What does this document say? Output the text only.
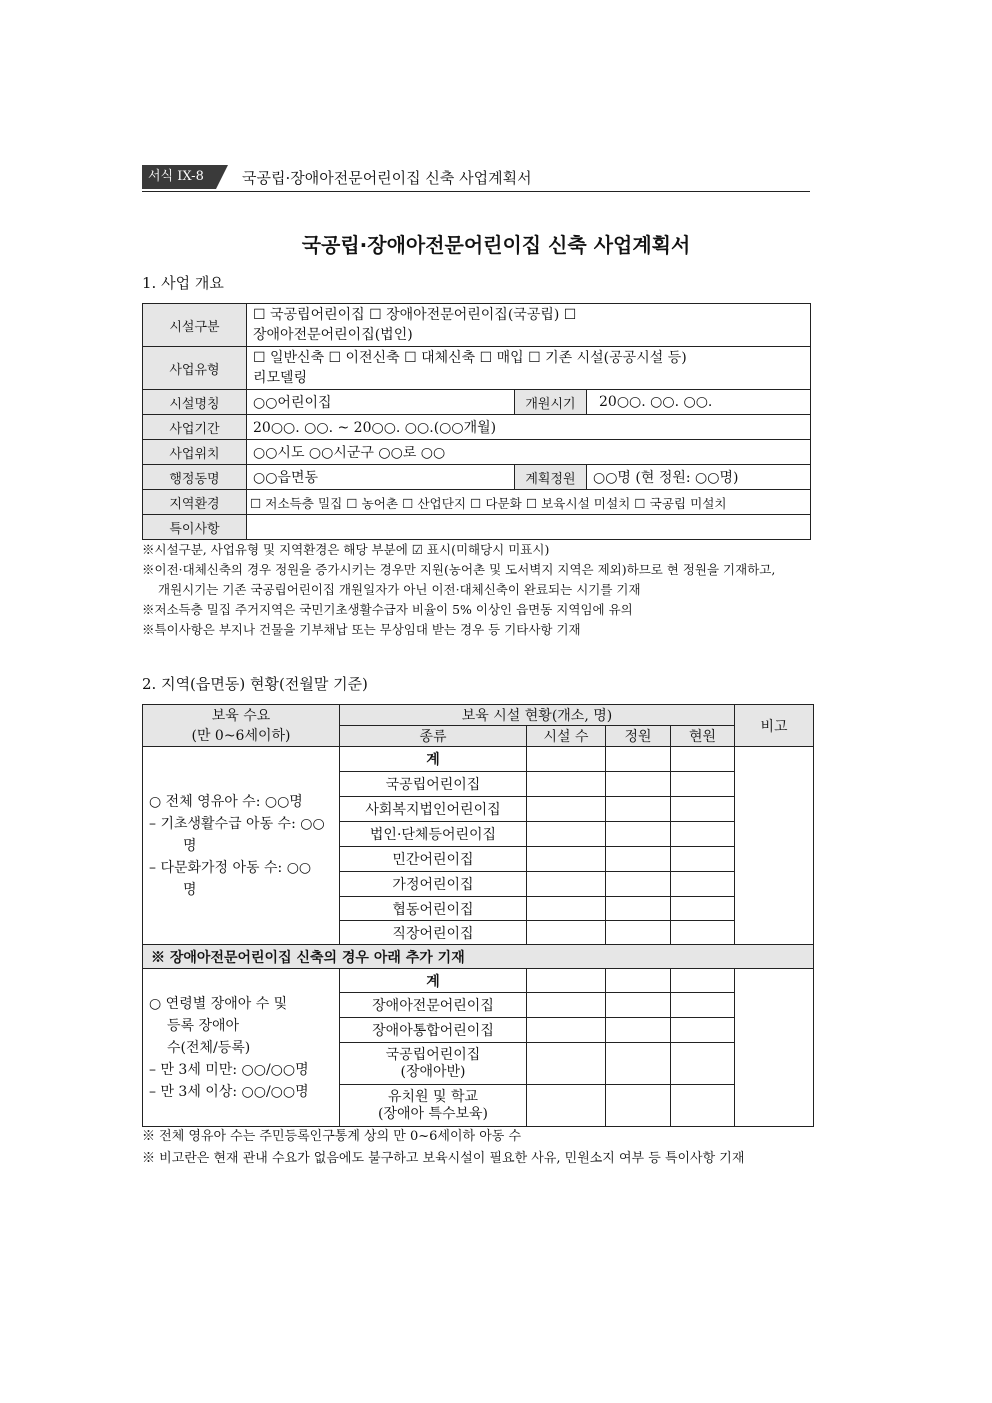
서식 IX-8	국공립·장애아전문어린이집 신축 사업계획서
국공립·장애아전문어린이집 신축 사업계획서
1. 사업 개요
시설구분	☐ 국공립어린이집 ☐ 장애아전문어린이집(국공립) ☐
장애아전문어린이집(법인)		

사업유형	☐ 일반신축 ☐ 이전신축 ☐ 대체신축 ☐ 매입 ☐ 기존 시설(공공시설 등)
리모델링		

시설명칭	○○어린이집	개원시기	20○○. ○○. ○○.
사업기간	20○○. ○○. ~ 20○○. ○○.(○○개월)		
사업위치	○○시도 ○○시군구 ○○로 ○○		
행정동명	○○읍면동	계획정원	○○명 (현 정원: ○○명)
지역환경	☐ 저소득층 밀집 ☐ 농어촌 ☐ 산업단지 ☐ 다문화 ☐ 보육시설 미설치 ☐ 국공립 미설치		
특이사항			
※시설구분, 사업유형 및 지역환경은 해당 부분에 ☑ 표시(미해당시 미표시)
※이전·대체신축의 경우 정원을 증가시키는 경우만 지원(농어촌 및 도서벽지 지역은 제외)하므로 현 정원을 기재하고,
개원시기는 기존 국공립어린이집 개원일자가 아닌 이전·대체신축이 완료되는 시기를 기재
※저소득층 밀집 주거지역은 국민기초생활수급자 비율이 5% 이상인 읍면동 지역임에 유의
※특이사항은 부지나 건물을 기부채납 또는 무상임대 받는 경우 등 기타사항 기재
2. 지역(읍면동) 현황(전월말 기준)
보육 수요
(만 0~6세이하)	보육 시설 현황(개소, 명)				비고
	종류	시설 수	정원	현원	

○ 전체 영유아 수: ○○명
– 기초생활수급 아동 수: ○○
명
– 다문화가정 아동 수: ○○
명	계				
	국공립어린이집				
	사회복지법인어린이집				
	법인·단체등어린이집				
	민간어린이집				
	가정어린이집				
	협동어린이집				
	직장어린이집				
※ 장애아전문어린이집 신축의 경우 아래 추가 기재					

○ 연령별 장애아 수 및
등록 장애아
수(전체/등록)
– 만 3세 미만: ○○/○○명
– 만 3세 이상: ○○/○○명	계				
	장애아전문어린이집				
	장애아통합어린이집				

	국공립어린이집
(장애아반)				

	유치원 및 학교
(장애아 특수보육)				

※ 전체 영유아 수는 주민등록인구통계 상의 만 0~6세이하 아동 수
※ 비고란은 현재 관내 수요가 없음에도 불구하고 보육시설이 필요한 사유, 민원소지 여부 등 특이사항 기재
